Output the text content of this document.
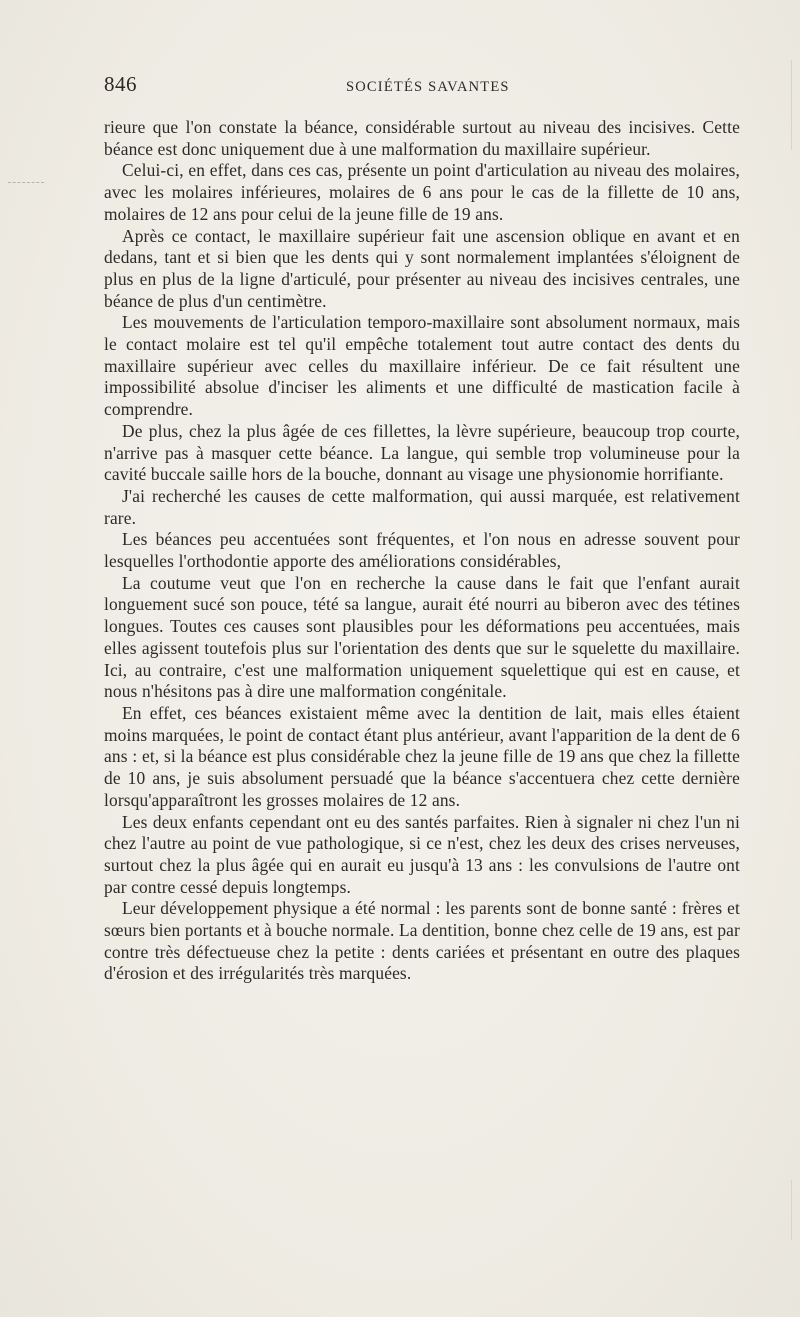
846	SOCIÉTÉS SAVANTES

rieure que l'on constate la béance, considérable surtout au niveau des incisives. Cette béance est donc uniquement due à une malformation du maxillaire supérieur.

Celui-ci, en effet, dans ces cas, présente un point d'articulation au niveau des molaires, avec les molaires inférieures, molaires de 6 ans pour le cas de la fillette de 10 ans, molaires de 12 ans pour celui de la jeune fille de 19 ans.

Après ce contact, le maxillaire supérieur fait une ascension oblique en avant et en dedans, tant et si bien que les dents qui y sont normalement implantées s'éloignent de plus en plus de la ligne d'articulé, pour présenter au niveau des incisives centrales, une béance de plus d'un centimètre.

Les mouvements de l'articulation temporo-maxillaire sont absolument normaux, mais le contact molaire est tel qu'il empêche totalement tout autre contact des dents du maxillaire supérieur avec celles du maxillaire inférieur. De ce fait résultent une impossibilité absolue d'inciser les aliments et une difficulté de mastication facile à comprendre.

De plus, chez la plus âgée de ces fillettes, la lèvre supérieure, beaucoup trop courte, n'arrive pas à masquer cette béance. La langue, qui semble trop volumineuse pour la cavité buccale saille hors de la bouche, donnant au visage une physionomie horrifiante.

J'ai recherché les causes de cette malformation, qui aussi marquée, est relativement rare.

Les béances peu accentuées sont fréquentes, et l'on nous en adresse souvent pour lesquelles l'orthodontie apporte des améliorations considérables,

La coutume veut que l'on en recherche la cause dans le fait que l'enfant aurait longuement sucé son pouce, tété sa langue, aurait été nourri au biberon avec des tétines longues. Toutes ces causes sont plausibles pour les déformations peu accentuées, mais elles agissent toutefois plus sur l'orientation des dents que sur le squelette du maxillaire. Ici, au contraire, c'est une malformation uniquement squelettique qui est en cause, et nous n'hésitons pas à dire une malformation congénitale.

En effet, ces béances existaient même avec la dentition de lait, mais elles étaient moins marquées, le point de contact étant plus antérieur, avant l'apparition de la dent de 6 ans : et, si la béance est plus considérable chez la jeune fille de 19 ans que chez la fillette de 10 ans, je suis absolument persuadé que la béance s'accentuera chez cette dernière lorsqu'apparaîtront les grosses molaires de 12 ans.

Les deux enfants cependant ont eu des santés parfaites. Rien à signaler ni chez l'un ni chez l'autre au point de vue pathologique, si ce n'est, chez les deux des crises nerveuses, surtout chez la plus âgée qui en aurait eu jusqu'à 13 ans : les convulsions de l'autre ont par contre cessé depuis longtemps.

Leur développement physique a été normal : les parents sont de bonne santé : frères et sœurs bien portants et à bouche normale. La dentition, bonne chez celle de 19 ans, est par contre très défectueuse chez la petite : dents cariées et présentant en outre des plaques d'érosion et des irrégularités très marquées.
